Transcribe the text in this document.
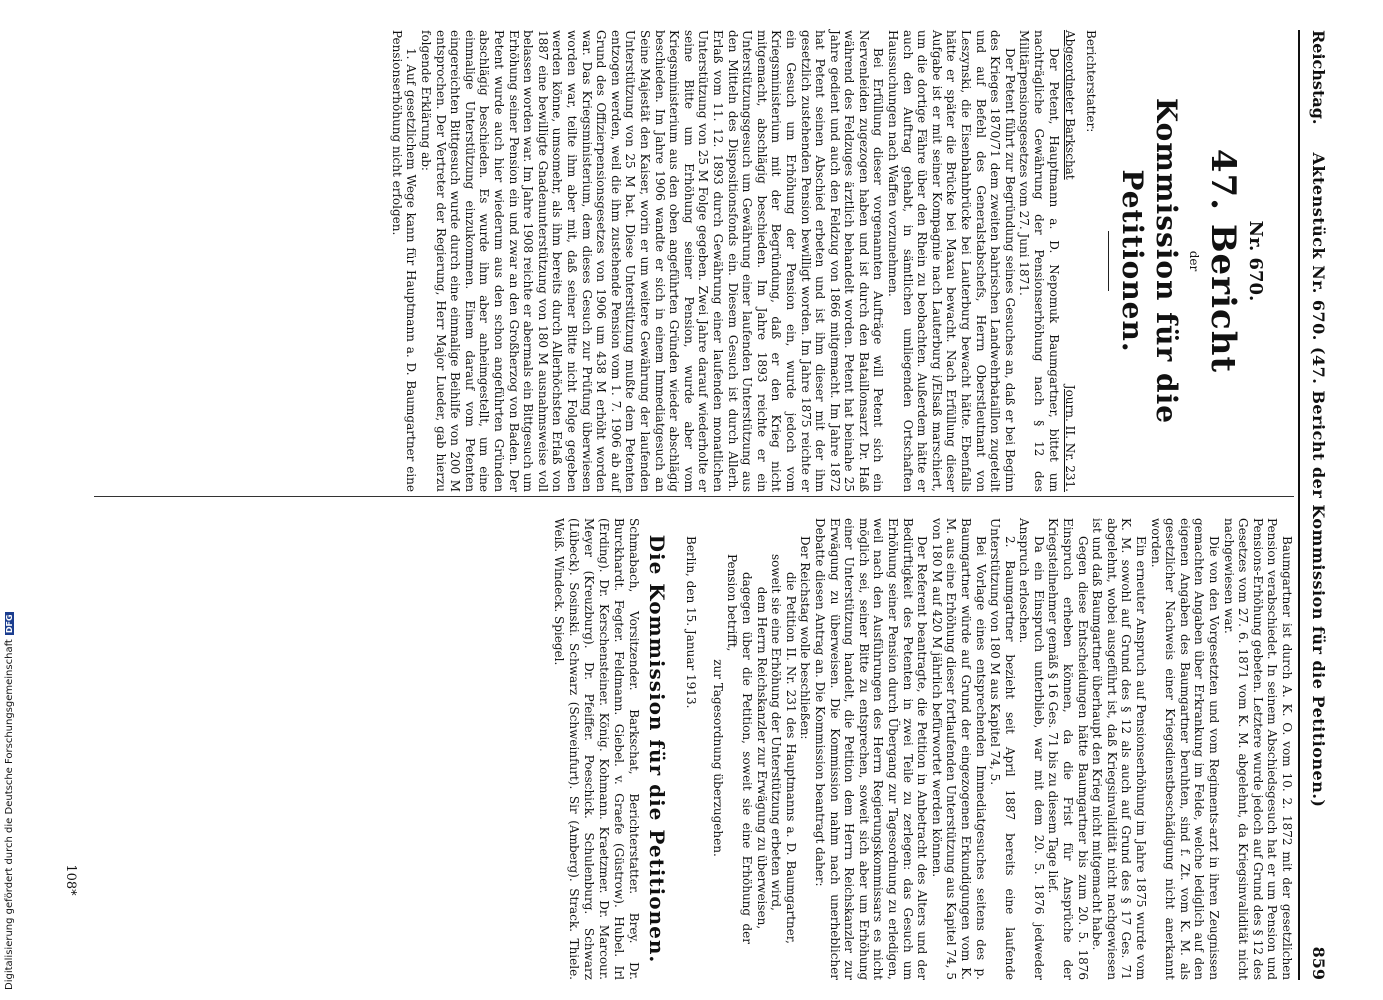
Digitalisierung gefördert durch die Deutsche ForschungsgemeinschaftDFG
Reichstag.
Aktenstück Nr. 670. (47. Bericht der Kommission für die Petitionen.)
859
Nr. 670.
47. Bericht
der
Kommission für die Petitionen.
Berichterstatter:
Abgeordneter Barkschat
Journ. II. Nr. 231.

Der Petent, Hauptmann a. D. Nepomuk Baumgartner, bittet um nachträgliche Gewährung der Pensionserhöhung nach § 12 des Militärpensionsgesetzes vom 27. Juni 1871.

Der Petent führt zur Begründung seines Gesuches an, daß er bei Beginn des Krieges 1870/71 dem zweiten bahrischen Landwehrbataillon zugeteilt und auf Befehl des Generalstabschefs, Herrn Oberstleutnant von Leszynski, die Eisenbahnbrücke bei Lauterburg bewacht hätte. Ebenfalls hätte er später die Brücke bei Maxau bewacht. Nach Erfüllung dieser Aufgabe ist er mit seiner Kompagnie nach Lauterburg i/Elsaß marschiert, um die dortige Fähre über den Rhein zu beobachten. Außerdem hätte er auch den Auftrag gehabt, in sämtlichen umliegenden Ortschaften Haussuchungen nach Waffen vorzunehmen.

Bei Erfüllung dieser vorgenannten Aufträge will Petent sich ein Nervenleiden zugezogen haben und ist durch den Bataillonsarzt Dr. Haß während des Feldzuges ärztlich behandelt worden. Petent hat beinahe 25 Jahre gedient und auch den Feldzug von 1866 mitgemacht. Im Jahre 1872 hat Petent seinen Abschied erbeten und ist ihm dieser mit der ihm gesetzlich zustehenden Pension bewilligt worden. Im Jahre 1875 reichte er ein Gesuch um Erhöhung der Pension ein, wurde jedoch vom Kriegsministerium mit der Begründung, daß er den Krieg nicht mitgemacht, abschlägig beschieden. Im Jahre 1893 reichte er ein Unterstützungsgesuch um Gewährung einer laufenden Unterstützung aus den Mitteln des Dispositionsfonds ein. Diesem Gesuch ist durch Allerh. Erlaß vom 11. 12. 1893 durch Gewährung einer laufenden monatlichen Unterstützung von 25 M Folge gegeben. Zwei Jahre darauf wiederholte er seine Bitte um Erhöhung seiner Pension, wurde aber vom Kriegsministerium aus den oben angeführten Gründen wieder abschlägig beschieden. Im Jahre 1906 wandte er sich in einem Immediatgesuch an Seine Majestät den Kaiser, worin er um weitere Gewährung der laufenden Unterstützung von 25 M bat. Diese Unterstützung mußte dem Petenten entzogen werden, weil die ihm zustehende Pension vom 1. 7. 1906 ab auf Grund des Offizierpensionsgesetzes von 1906 um 438 M erhöht worden war. Das Kriegsministerium, dem dieses Gesuch zur Prüfung überwiesen worden war, teilte ihm aber mit, daß seiner Bitte nicht Folge gegeben werden könne, umsomehr, als ihm bereits durch Allerhöchsten Erlaß von 1887 eine bewilligte Gnadenunterstützung von 180 M ausnahmsweise voll belassen worden war. Im Jahre 1908 reichte er abermals ein Bittgesuch um Erhöhung seiner Pension ein und zwar an den Großherzog von Baden. Der Petent wurde auch hier wiederum aus den schon angeführten Gründen abschlägig beschieden. Es wurde ihm aber anheimgestellt, um eine einmalige Unterstützung einzukommen. Einem darauf vom Petenten eingereichten Bittgesuch wurde durch eine einmalige Beihilfe von 200 M entsprochen. Der Vertreter der Regierung, Herr Major Lueder, gab hierzu folgende Erklärung ab:

1. Auf gesetzlichem Wege kann für Hauptmann a. D. Baumgartner eine Pensionserhöhung nicht erfolgen.

Baumgartner ist durch A. K. O. vom 10. 2. 1872 mit der gesetzlichen Pension verabschiedet. In seinem Abschiedsgesuch hat er um Pension und Pensions-Erhöhung gebeten. Letztere wurde jedoch auf Grund des § 12 des Gesetzes vom 27. 6. 1871 vom K. M. abgelehnt, da Kriegsinvalidität nicht nachgewiesen war.

Die von den Vorgesetzten und vom Regiments-arzt in ihren Zeugnissen gemachten Angaben über Erkrankung im Felde, welche lediglich auf den eigenen Angaben des Baumgartner beruhten, sind f. Zt. vom K. M. als gesetzlicher Nachweis einer Kriegsdienstbeschädigung nicht anerkannt worden.

Ein erneuter Anspruch auf Pensionserhöhung im Jahre 1875 wurde vom K. M. sowohl auf Grund des § 12 als auch auf Grund des § 17 Ges. 71 abgelehnt, wobei ausgeführt ist, daß Kriegsinvalidität nicht nachgewiesen ist und daß Baumgartner überhaupt den Krieg nicht mitgemacht habe.

Gegen diese Entscheidungen hätte Baumgartner bis zum 20. 5. 1876 Einspruch erheben können, da die Frist für Ansprüche der Kriegsteilnehmer gemäß § 16 Ges. 71 bis zu diesem Tage lief.

Da ein Einspruch unterblieb, war mit dem 20. 5. 1876 jedweder Anspruch erloschen.

2. Baumgartner bezieht seit April 1887 bereits eine laufende Unterstützung von 180 M aus Kapitel 74, 5.

Bei Vorlage eines entsprechenden Immediatgesuches seitens des p. Baumgartner würde auf Grund der eingezogenen Erkundigungen vom K. M. aus eine Erhöhung dieser fortlaufenden Unterstützung aus Kapitel 74, 5 von 180 M auf 420 M jährlich befürwortet werden können.

Der Referent beantragte, die Petition in Anbetracht des Alters und der Bedürftigkeit des Petenten in zwei Teile zu zerlegen: das Gesuch um Erhöhung seiner Pension durch Übergang zur Tagesordnung zu erledigen, weil nach den Ausführungen des Herrn Regierungskommissars es nicht möglich sei, seiner Bitte zu entsprechen, soweit sich aber um Erhöhung einer Unterstützung handelt, die Petition dem Herrn Reichskanzler zur Erwägung zu überweisen. Die Kommission nahm nach unerheblicher Debatte diesen Antrag an. Die Kommission beantragt daher:

Der Reichstag wolle beschließen:

die Petition II. Nr. 231 des Hauptmanns a. D. Baumgartner, soweit sie eine Erhöhung der Unterstützung erbeten wird,

dem Herrn Reichskanzler zur Erwägung zu überweisen,

dagegen über die Petition, soweit sie eine Erhöhung der Pension betrifft,

zur Tagesordnung überzugehen.

Berlin, den 15. Januar 1913.

Die Kommission für die Petitionen.
Schmabach, Vorsitzender. Barkschat, Berichterstatter. Brey. Dr. Burckhardt. Fegter. Feldmann. Giebel. v. Graefe (Güstrow). Hubel. Irl (Erding). Dr. Kerschensteiner. König. Kohmann. Kraetzmer. Dr. Marcour. Meyer (Kreuzburg). Dr. Pfeiffer. Poeschick. Schulenburg. Schwarz (Lübeck). Sosinski. Schwarz (Schweinfurt). Sir (Amberg). Strack. Thiele. Weiß. Windeck. Spiegel.
108*
